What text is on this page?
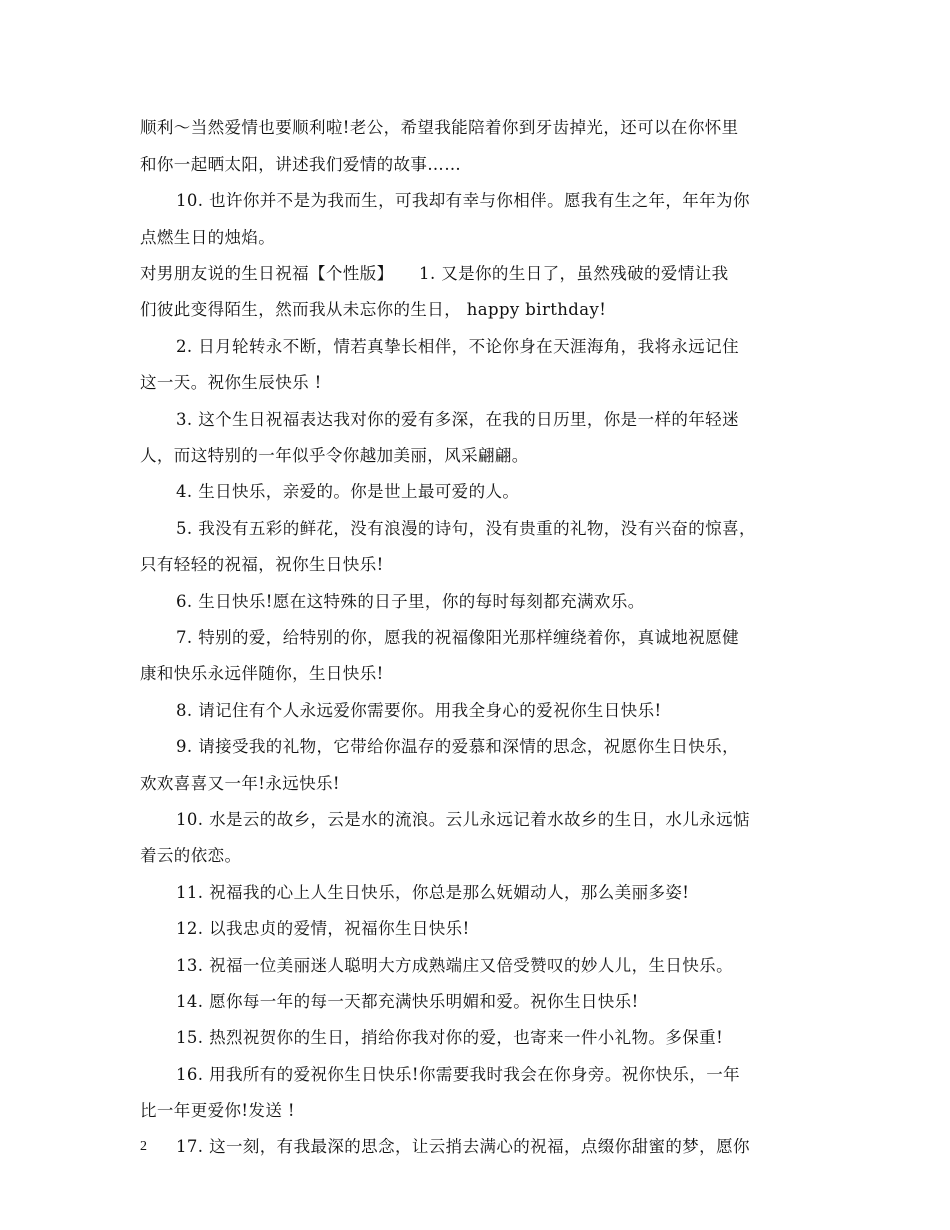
顺利～当然爱情也要顺利啦!老公，希望我能陪着你到牙齿掉光，还可以在你怀里
和你一起晒太阳，讲述我们爱情的故事……
10. 也许你并不是为我而生，可我却有幸与你相伴。愿我有生之年，年年为你
点燃生日的烛焰。
对男朋友说的生日祝福【个性版】　　1. 又是你的生日了，虽然残破的爱情让我
们彼此变得陌生，然而我从未忘你的生日， happy birthday!
2. 日月轮转永不断，情若真挚长相伴，不论你身在天涯海角，我将永远记住
这一天。祝你生辰快乐 !
3. 这个生日祝福表达我对你的爱有多深，在我的日历里，你是一样的年轻迷
人，而这特别的一年似乎令你越加美丽，风采翩翩。
4. 生日快乐，亲爱的。你是世上最可爱的人。
5. 我没有五彩的鲜花，没有浪漫的诗句，没有贵重的礼物，没有兴奋的惊喜，
只有轻轻的祝福，祝你生日快乐!
6. 生日快乐!愿在这特殊的日子里，你的每时每刻都充满欢乐。
7. 特别的爱，给特别的你，愿我的祝福像阳光那样缠绕着你，真诚地祝愿健
康和快乐永远伴随你，生日快乐!
8. 请记住有个人永远爱你需要你。用我全身心的爱祝你生日快乐!
9. 请接受我的礼物，它带给你温存的爱慕和深情的思念，祝愿你生日快乐，
欢欢喜喜又一年!永远快乐!
10. 水是云的故乡，云是水的流浪。云儿永远记着水故乡的生日，水儿永远惦
着云的依恋。
11. 祝福我的心上人生日快乐，你总是那么妩媚动人，那么美丽多姿!
12. 以我忠贞的爱情，祝福你生日快乐!
13. 祝福一位美丽迷人聪明大方成熟端庄又倍受赞叹的妙人儿，生日快乐。
14. 愿你每一年的每一天都充满快乐明媚和爱。祝你生日快乐!
15. 热烈祝贺你的生日，捎给你我对你的爱，也寄来一件小礼物。多保重!
16. 用我所有的爱祝你生日快乐!你需要我时我会在你身旁。祝你快乐，一年
比一年更爱你!发送 !
17. 这一刻，有我最深的思念，让云捎去满心的祝福，点缀你甜蜜的梦，愿你
2
